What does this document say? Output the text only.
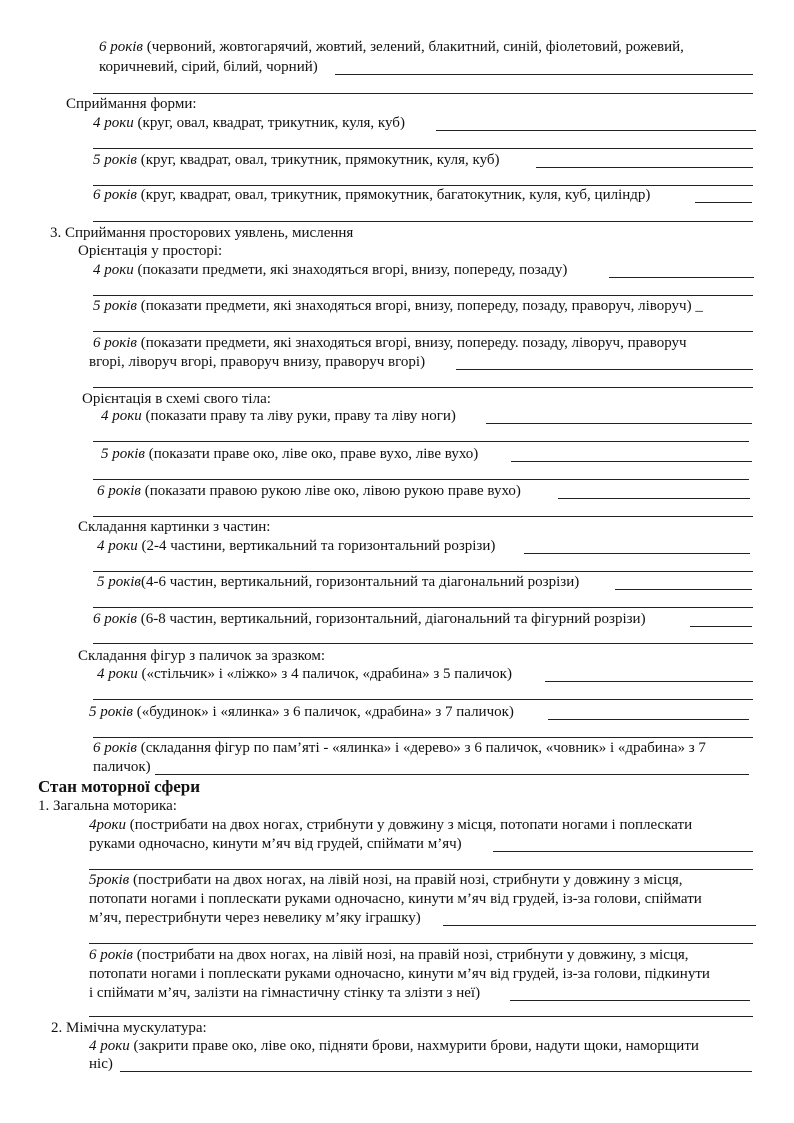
6 років (червоний, жовтогарячий, жовтий, зелений, блакитний, синій, фіолетовий, рожевий,
коричневий, сірий, білий, чорний)
Сприймання форми:
4 роки (круг, овал, квадрат, трикутник, куля, куб)
5 років (круг, квадрат, овал, трикутник, прямокутник, куля, куб)
6 років (круг, квадрат, овал, трикутник, прямокутник, багатокутник, куля, куб, циліндр)
3. Сприймання просторових уявлень, мислення
Орієнтація у просторі:
4 роки (показати предмети, які знаходяться вгорі, внизу, попереду, позаду)
5 років (показати предмети, які знаходяться вгорі, внизу, попереду, позаду, праворуч, ліворуч) _
6 років (показати предмети, які знаходяться вгорі, внизу, попереду. позаду, ліворуч, праворуч
вгорі, ліворуч вгорі, праворуч внизу, праворуч вгорі)
Орієнтація в схемі свого тіла:
4 роки (показати праву та ліву руки, праву та ліву ноги)
5 років (показати праве око, ліве око, праве вухо, ліве вухо)
6 років (показати правою рукою ліве око, лівою рукою праве вухо)
Складання картинки з частин:
4 роки (2-4 частини, вертикальний та горизонтальний розрізи)
5 років(4-6 частин, вертикальний, горизонтальний та діагональний розрізи)
6 років (6-8 частин, вертикальний, горизонтальний, діагональний та фігурний розрізи)
Складання фігур з паличок за зразком:
4 роки («стільчик» і «ліжко» з 4 паличок, «драбина» з 5 паличок)
5 років («будинок» і «ялинка» з 6 паличок, «драбина» з 7 паличок)
6 років (складання фігур по пам’яті - «ялинка» і «дерево» з 6 паличок, «човник» і «драбина» з 7
паличок)
Стан моторної сфери
1. Загальна моторика:
4роки (пострибати на двох ногах, стрибнути у довжину з місця, потопати ногами і поплескати
руками одночасно, кинути м’яч від грудей, спіймати м’яч)
5років (пострибати на двох ногах, на лівій нозі, на правій нозі, стрибнути у довжину з місця,
потопати ногами і поплескати руками одночасно, кинути м’яч від грудей, із-за голови, спіймати
м’яч, перестрибнути через невелику м’яку іграшку)
6 років (пострибати на двох ногах, на лівій нозі, на правій нозі, стрибнути у довжину, з місця,
потопати ногами і поплескати руками одночасно, кинути м’яч від грудей, із-за голови, підкинути
і спіймати м’яч, залізти на гімнастичну стінку та злізти з неї)
2. Мімічна мускулатура:
4 роки (закрити праве око, ліве око, підняти брови, нахмурити брови, надути щоки, наморщити
ніс)
